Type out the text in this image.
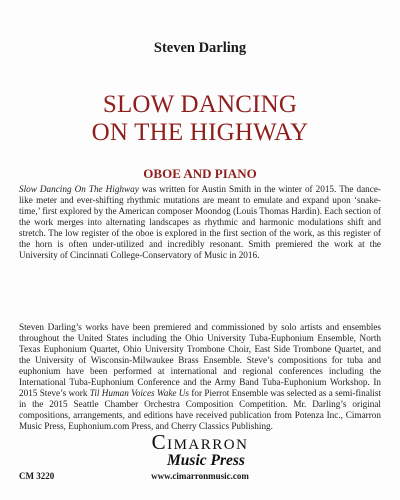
Steven Darling
SLOW DANCING
ON THE HIGHWAY
OBOE AND PIANO
Slow Dancing On The Highway was written for Austin Smith in the winter of 2015. The dance-like meter and ever-shifting rhythmic mutations are meant to emulate and expand upon ‘snake-time,’ first explored by the American composer Moondog (Louis Thomas Hardin). Each section of the work merges into alternating landscapes as rhythmic and harmonic modulations shift and stretch. The low register of the oboe is explored in the first section of the work, as this register of the horn is often under-utilized and incredibly resonant. Smith premiered the work at the University of Cincinnati College-Conservatory of Music in 2016.
Steven Darling’s works have been premiered and commissioned by solo artists and ensembles throughout the United States including the Ohio University Tuba-Euphonium Ensemble, North Texas Euphonium Quartet, Ohio University Trombone Choir, East Side Trombone Quartet, and the University of Wisconsin-Milwaukee Brass Ensemble. Steve’s compositions for tuba and euphonium have been performed at international and regional conferences including the International Tuba-Euphonium Conference and the Army Band Tuba-Euphonium Workshop. In 2015 Steve’s work Til Human Voices Wake Us for Pierrot Ensemble was selected as a semi-finalist in the 2015 Seattle Chamber Orchestra Composition Competition. Mr. Darling’s original compositions, arrangements, and editions have received publication from Potenza Inc., Cimarron Music Press, Euphonium.com Press, and Cherry Classics Publishing.
Cimarron
Music Press
CM 3220	www.cimarronmusic.com
